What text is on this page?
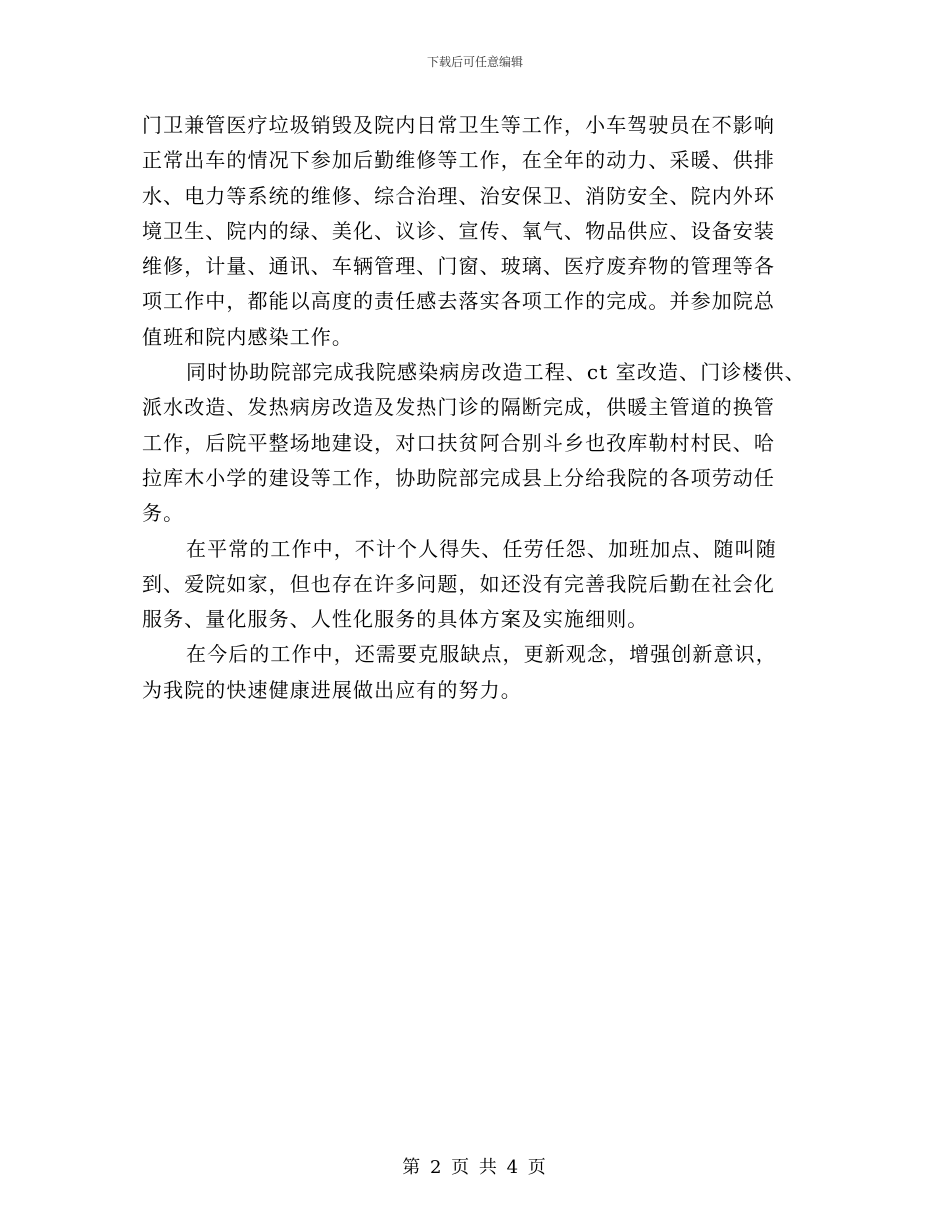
下载后可任意编辑
门卫兼管医疗垃圾销毁及院内日常卫生等工作，小车驾驶员在不影响
正常出车的情况下参加后勤维修等工作，在全年的动力、采暖、供排
水、电力等系统的维修、综合治理、治安保卫、消防安全、院内外环
境卫生、院内的绿、美化、议诊、宣传、氧气、物品供应、设备安装
维修，计量、通讯、车辆管理、门窗、玻璃、医疗废弃物的管理等各
项工作中，都能以高度的责任感去落实各项工作的完成。并参加院总
值班和院内感染工作。
同时协助院部完成我院感染病房改造工程、ct 室改造、门诊楼供、
派水改造、发热病房改造及发热门诊的隔断完成，供暖主管道的换管
工作，后院平整场地建设，对口扶贫阿合别斗乡也孜库勒村村民、哈
拉库木小学的建设等工作，协助院部完成县上分给我院的各项劳动任
务。
在平常的工作中，不计个人得失、任劳任怨、加班加点、随叫随
到、爱院如家，但也存在许多问题，如还没有完善我院后勤在社会化
服务、量化服务、人性化服务的具体方案及实施细则。
在今后的工作中，还需要克服缺点，更新观念，增强创新意识，
为我院的快速健康进展做出应有的努力。
第 2 页 共 4 页
